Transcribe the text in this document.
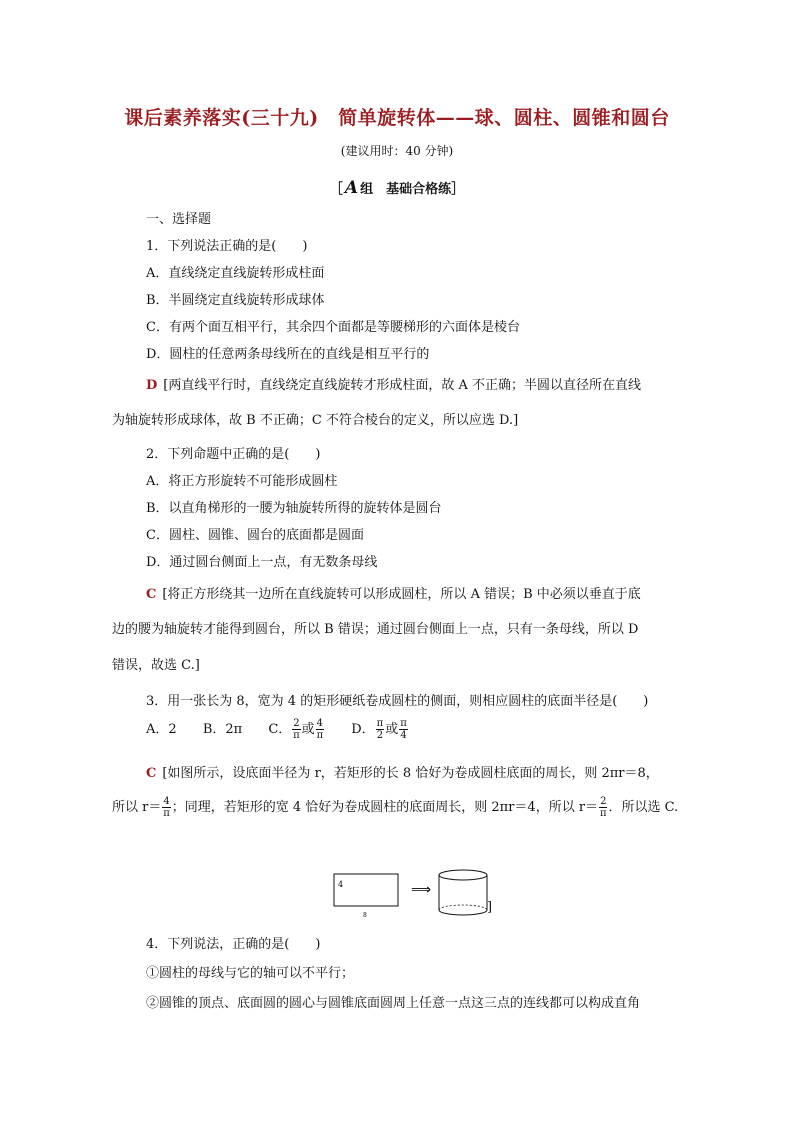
课后素养落实(三十九)　简单旋转体——球、圆柱、圆锥和圆台
(建议用时：40 分钟)
［ A 组　基础合格练］
一、选择题
1．下列说法正确的是(　　)
A．直线绕定直线旋转形成柱面
B．半圆绕定直线旋转形成球体
C．有两个面互相平行，其余四个面都是等腰梯形的六面体是棱台
D．圆柱的任意两条母线所在的直线是相互平行的
D [两直线平行时，直线绕定直线旋转才形成柱面，故 A 不正确；半圆以直径所在直线
为轴旋转形成球体，故 B 不正确；C 不符合棱台的定义，所以应选 D.]
2．下列命题中正确的是(　　)
A．将正方形旋转不可能形成圆柱
B．以直角梯形的一腰为轴旋转所得的旋转体是圆台
C．圆柱、圆锥、圆台的底面都是圆面
D．通过圆台侧面上一点，有无数条母线
C [将正方形绕其一边所在直线旋转可以形成圆柱，所以 A 错误；B 中必须以垂直于底
边的腰为轴旋转才能得到圆台，所以 B 错误；通过圆台侧面上一点，只有一条母线，所以 D
错误，故选 C.]
3．用一张长为 8，宽为 4 的矩形硬纸卷成圆柱的侧面，则相应圆柱的底面半径是(　　)
A．2 B．2π C． $\frac{2}{\pi}$ 或 $\frac{4}{\pi}$ D． $\frac{\pi}{2}$ 或 $\frac{\pi}{4}$
C [如图所示，设底面半径为 r，若矩形的长 8 恰好为卷成圆柱底面的周长，则 2πr＝8，
所以 $r= \frac{4}{\pi}$ ；同理，若矩形的宽 4 恰好为卷成圆柱的底面周长，则 2πr＝4，所以 $r= \frac{2}{\pi}$ ．所以选 C.
4
8
⟹
]
4．下列说法，正确的是(　　)
①圆柱的母线与它的轴可以不平行；
②圆锥的顶点、底面圆的圆心与圆锥底面圆周上任意一点这三点的连线都可以构成直角
